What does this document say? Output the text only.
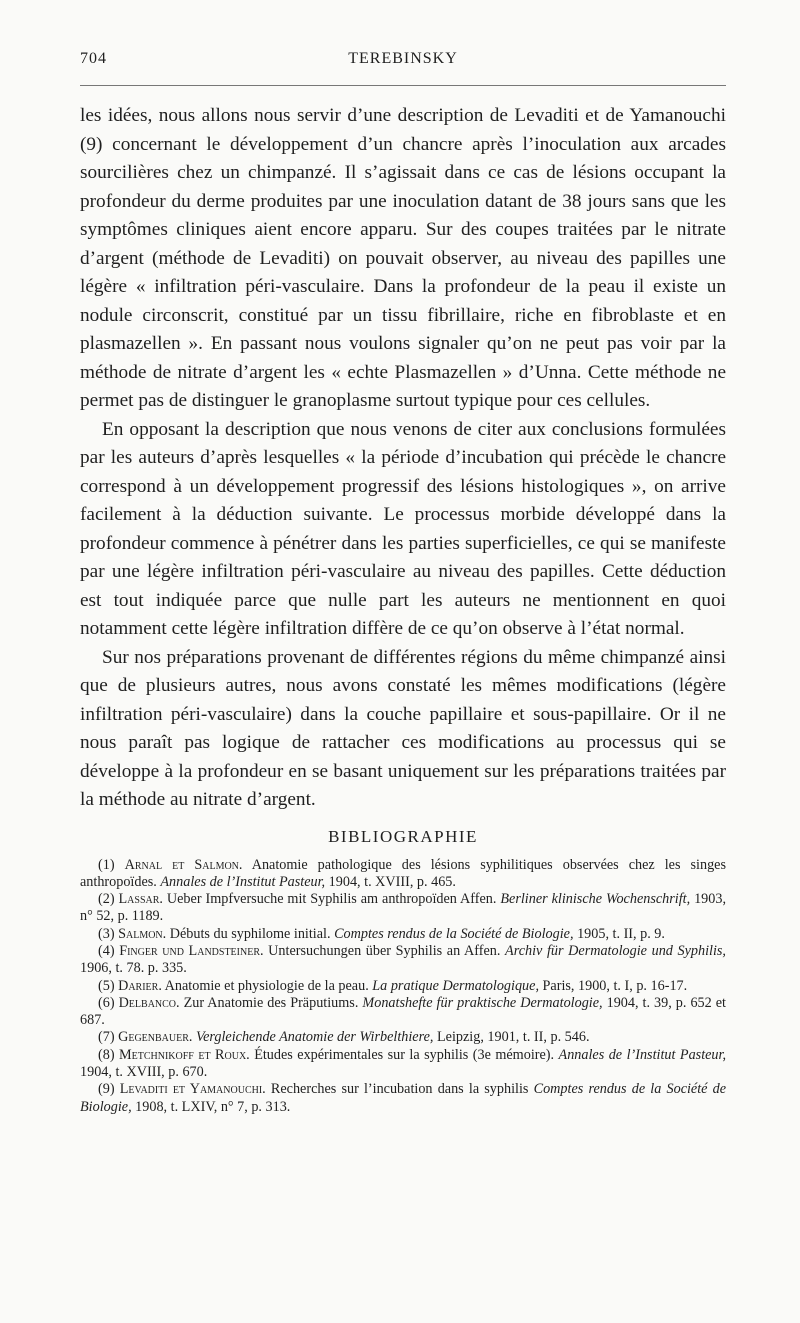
704	TEREBINSKY

les idées, nous allons nous servir d’une description de Levaditi et de Yamanouchi (9) concernant le développement d’un chancre après l’inoculation aux arcades sourcilières chez un chimpanzé. Il s’agissait dans ce cas de lésions occupant la profondeur du derme produites par une inoculation datant de 38 jours sans que les symptômes cliniques aient encore apparu. Sur des coupes traitées par le nitrate d’argent (méthode de Levaditi) on pouvait observer, au niveau des papilles une légère « infiltration péri-vasculaire. Dans la profondeur de la peau il existe un nodule circonscrit, constitué par un tissu fibrillaire, riche en fibroblaste et en plasmazellen ». En passant nous voulons signaler qu’on ne peut pas voir par la méthode de nitrate d’argent les « echte Plasmazellen » d’Unna. Cette méthode ne permet pas de distinguer le granoplasme surtout typique pour ces cellules.

En opposant la description que nous venons de citer aux conclusions formulées par les auteurs d’après lesquelles « la période d’incubation qui précède le chancre correspond à un développement progressif des lésions histologiques », on arrive facilement à la déduction suivante. Le processus morbide développé dans la profondeur commence à pénétrer dans les parties superficielles, ce qui se manifeste par une légère infiltration péri-vasculaire au niveau des papilles. Cette déduction est tout indiquée parce que nulle part les auteurs ne mentionnent en quoi notamment cette légère infiltration diffère de ce qu’on observe à l’état normal.

Sur nos préparations provenant de différentes régions du même chimpanzé ainsi que de plusieurs autres, nous avons constaté les mêmes modifications (légère infiltration péri-vasculaire) dans la couche papillaire et sous-papillaire. Or il ne nous paraît pas logique de rattacher ces modifications au processus qui se développe à la profondeur en se basant uniquement sur les préparations traitées par la méthode au nitrate d’argent.

BIBLIOGRAPHIE

(1) Arnal et Salmon. Anatomie pathologique des lésions syphilitiques observées chez les singes anthropoïdes. Annales de l’Institut Pasteur, 1904, t. XVIII, p. 465.

(2) Lassar. Ueber Impfversuche mit Syphilis am anthropoïden Affen. Berliner klinische Wochenschrift, 1903, n° 52, p. 1189.

(3) Salmon. Débuts du syphilome initial. Comptes rendus de la Société de Biologie, 1905, t. II, p. 9.

(4) Finger und Landsteiner. Untersuchungen über Syphilis an Affen. Archiv für Dermatologie und Syphilis, 1906, t. 78. p. 335.

(5) Darier. Anatomie et physiologie de la peau. La pratique Dermatologique, Paris, 1900, t. I, p. 16-17.

(6) Delbanco. Zur Anatomie des Präputiums. Monatshefte für praktische Dermatologie, 1904, t. 39, p. 652 et 687.

(7) Gegenbauer. Vergleichende Anatomie der Wirbelthiere, Leipzig, 1901, t. II, p. 546.

(8) Metchnikoff et Roux. Études expérimentales sur la syphilis (3e mémoire). Annales de l’Institut Pasteur, 1904, t. XVIII, p. 670.

(9) Levaditi et Yamanouchi. Recherches sur l’incubation dans la syphilis Comptes rendus de la Société de Biologie, 1908, t. LXIV, n° 7, p. 313.
